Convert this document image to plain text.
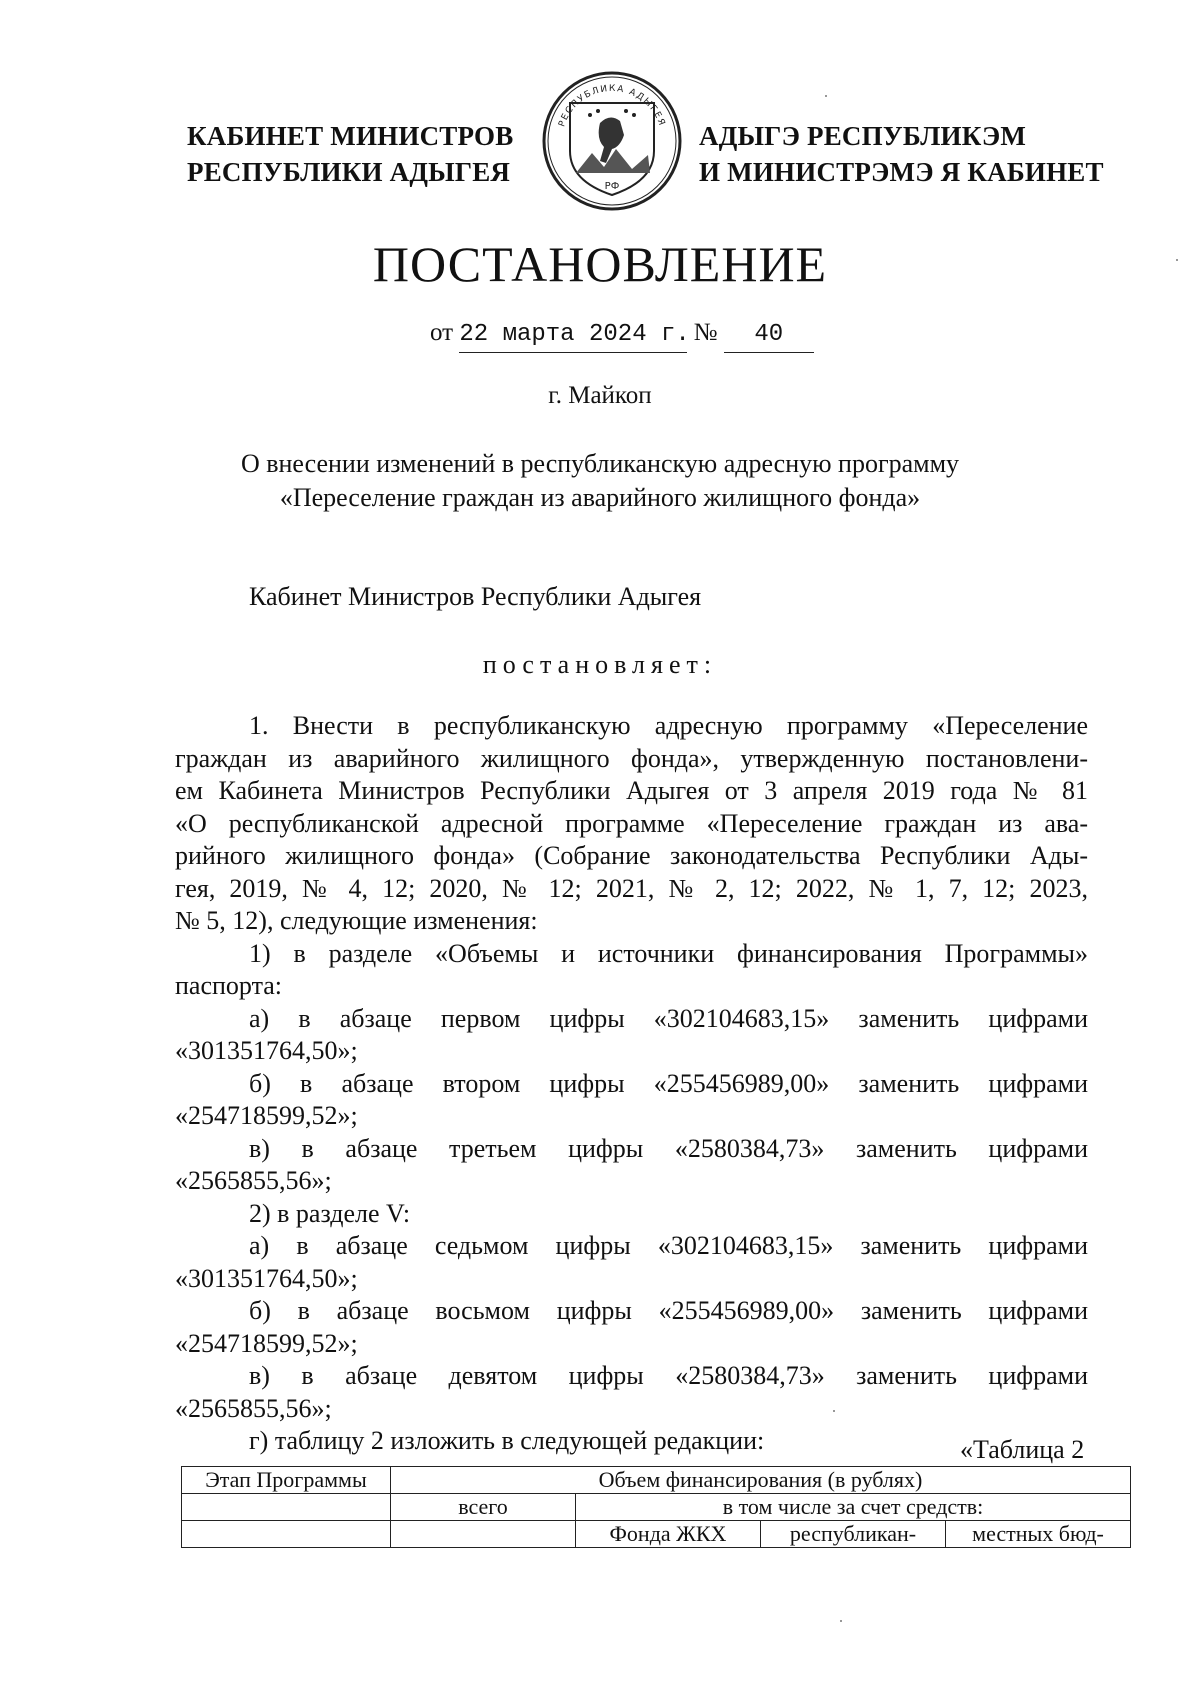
КАБИНЕТ МИНИСТРОВ
РЕСПУБЛИКИ АДЫГЕЯ
РЕСПУБЛИКА АДЫГЕЯ
РФ
АДЫГЭ РЕСПУБЛИКЭМ
И МИНИСТРЭМЭ Я КАБИНЕТ
ПОСТАНОВЛЕНИЕ
от 22 марта 2024 г. № 40
г. Майкоп
О внесении изменений в республиканскую адресную программу
«Переселение граждан из аварийного жилищного фонда»
Кабинет Министров Республики Адыгея
постановляет:
1. Внести в республиканскую адресную программу «Переселение
граждан из аварийного жилищного фонда», утвержденную постановлени-
ем Кабинета Министров Республики Адыгея от 3 апреля 2019 года № 81
«О республиканской адресной программе «Переселение граждан из ава-
рийного жилищного фонда» (Собрание законодательства Республики Ады-
гея, 2019, № 4, 12; 2020, № 12; 2021, № 2, 12; 2022, № 1, 7, 12; 2023,
№ 5, 12), следующие изменения:
1) в разделе «Объемы и источники финансирования Программы»
паспорта:
а) в абзаце первом цифры «302104683,15» заменить цифрами
«301351764,50»;
б) в абзаце втором цифры «255456989,00» заменить цифрами
«254718599,52»;
в) в абзаце третьем цифры «2580384,73» заменить цифрами
«2565855,56»;
2) в разделе V:
а) в абзаце седьмом цифры «302104683,15» заменить цифрами
«301351764,50»;
б) в абзаце восьмом цифры «255456989,00» заменить цифрами
«254718599,52»;
в) в абзаце девятом цифры «2580384,73» заменить цифрами
«2565855,56»;
г) таблицу 2 изложить в следующей редакции:	«Таблица 2
Этап Программы	Объем финансирования (в рублях)			
	всего	в том числе за счет средств:		
		Фонда ЖКХ	республикан-	местных бюд-
